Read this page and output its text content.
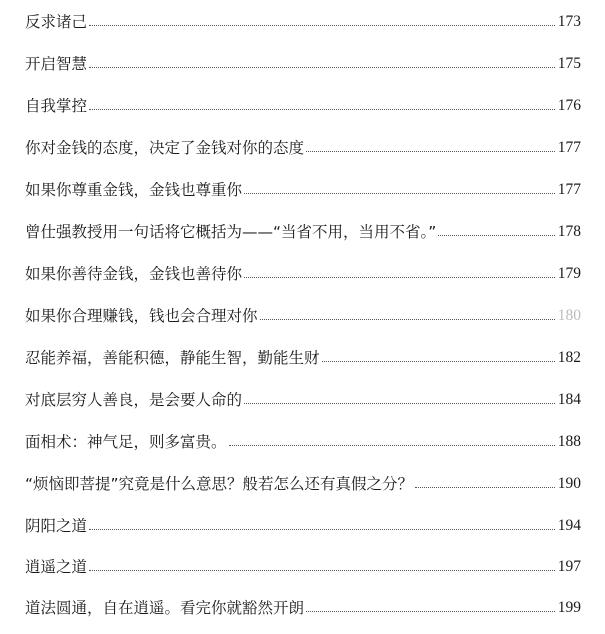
反求诸己	173
开启智慧	175
自我掌控	176
你对金钱的态度，决定了金钱对你的态度	177
如果你尊重金钱，金钱也尊重你	177
曾仕强教授用一句话将它概括为——“当省不用，当用不省。”	178
如果你善待金钱，金钱也善待你	179
如果你合理赚钱，钱也会合理对你	180
忍能养福，善能积德，静能生智，勤能生财	182
对底层穷人善良，是会要人命的	184
面相术：神气足，则多富贵。	188
“烦恼即菩提”究竟是什么意思？般若怎么还有真假之分？	190
阴阳之道	194
逍遥之道	197
道法圆通，自在逍遥。看完你就豁然开朗	199
